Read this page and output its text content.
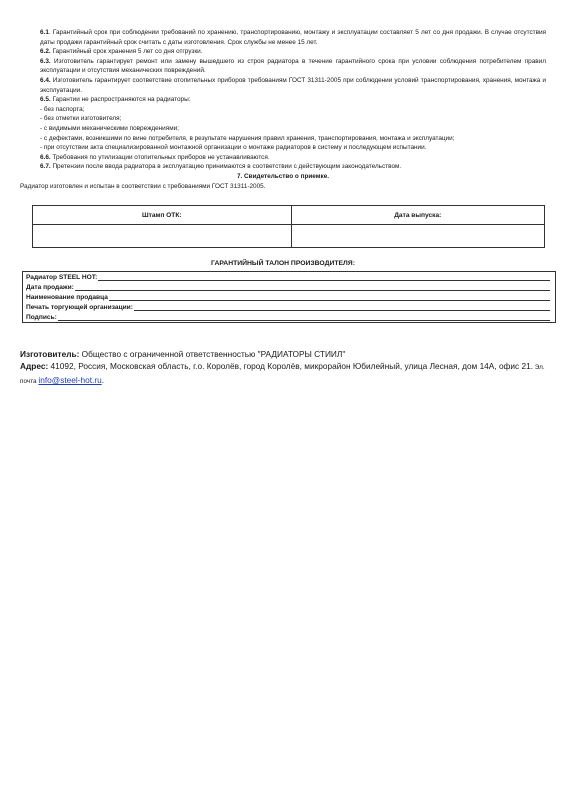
6.1. Гарантийный срок при соблюдении требований по хранению, транспортированию, монтажу и эксплуатации составляет 5 лет со дня продажи. В случае отсутствия даты продажи гарантийный срок считать с даты изготовления. Срок службы не менее 15 лет.

6.2. Гарантийный срок хранения 5 лет со дня отгрузки.

6.3. Изготовитель гарантирует ремонт или замену вышедшего из строя радиатора в течение гарантийного срока при условии соблюдения потребителем правил эксплуатации и отсутствия механических повреждений.

6.4. Изготовитель гарантирует соответствие отопительных приборов требованиям ГОСТ 31311-2005 при соблюдении условий транспортирования, хранения, монтажа и эксплуатации.

6.5. Гарантии не распространяются на радиаторы:

- без паспорта;

- без отметки изготовителя;

- с видимыми механическими повреждениями;

- с дефектами, возникшими по вине потребителя, в результате нарушения правил хранения, транспортирования, монтажа и эксплуатации;

- при отсутствии акта специализированной монтажной организации о монтаже радиаторов в систему и последующем испытании.

6.6. Требования по утилизации отопительных приборов не устанавливаются.

6.7. Претензии после ввода радиатора в эксплуатацию принимаются в соответствии с действующим законодательством.

7. Свидетельство о приемке.

Радиатор изготовлен и испытан в соответствии с требованиями ГОСТ 31311-2005.

Штамп ОТК:	Дата выпуска:

ГАРАНТИЙНЫЙ ТАЛОН ПРОИЗВОДИТЕЛЯ:

Радиатор STEEL HOT:
Дата продажи:
Наименование продавца
Печать торгующей организации:
Подпись:
Изготовитель: Общество с ограниченной ответственностью "РАДИАТОРЫ СТИИЛ"
Адрес: 41092, Россия, Московская область, г.о. Королёв, город Королёв, микрорайон Юбилейный, улица Лесная, дом 14А, офис 21. Эл. почта info@steel-hot.ru.
